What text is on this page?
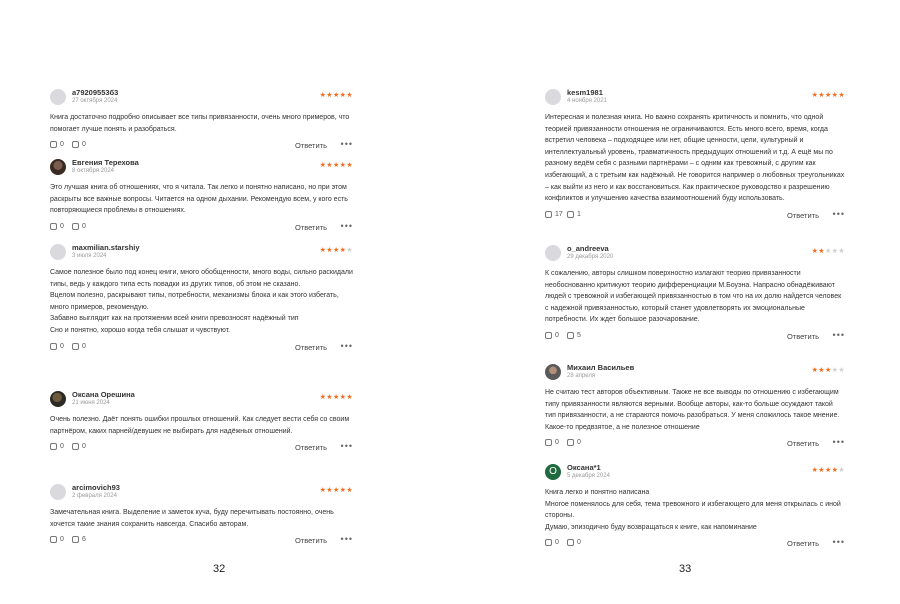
a79209553б3
27 октября 2024
★★★★★
Книга достаточно подробно описывает все типы привязанности, очень много примеров, что помогает лучше понять и разобраться.
0	0	Ответить •••
Евгения Терехова
8 октября 2024
★★★★★
Это лучшая книга об отношениях, что я читала. Так легко и понятно написано, но при этом раскрыты все важные вопросы. Читается на одном дыхании. Рекомендую всем, у кого есть повторяющиеся проблемы в отношениях.
0	0	Ответить •••
maxmilian.starshiy
3 июля 2024
★★★★★
Самое полезное было под конец книги, много обобщенности, много воды, сильно раскидали типы, ведь у каждого типа есть повадки из других типов, об этом не сказано.
Вцелом полезно, раскрывают типы, потребности, механизмы блока и как этого избегать, много примеров, рекомендую.
Забавно выглядит как на протяжении всей книги превозносят надёжный тип
Сно и понятно, хорошо когда тебя слышат и чувствуют.
0	0	Ответить •••
Оксана Орешина
21 июня 2024
★★★★★
Очень полезно. Даёт понять ошибки прошлых отношений. Как следует вести себя со своим партнёром, каких парней/девушек не выбирать для надёжных отношений.
0	0	Ответить •••
arcimovich93
2 февраля 2024
★★★★★
Замечательная книга. Выделение и заметок куча, буду перечитывать постоянно, очень хочется такие знания сохранить навсегда. Спасибо авторам.
0	6	Ответить •••
32
kesm1981
4 ноября 2021
★★★★★
Интересная и полезная книга. Но важно сохранять критичность и помнить, что одной теорией привязанности отношения не ограничиваются. Есть много всего, время, когда встретил человека – подходящее или нет, общие ценности, цели, культурный и интеллектуальный уровень, травматичность предыдущих отношений и т.д. А ещё мы по разному ведём себя с разными партнёрами – с одним как тревожный, с другим как избегающий, а с третьим как надёжный. Не говорится например о любовных треугольниках – как выйти из него и как восстановиться. Как практическое руководство к разрешению конфликтов и улучшению качества взаимоотношений буду использовать.
17 1	Ответить •••
o_andreeva
29 декабря 2020
★★★★★
К сожалению, авторы слишком поверхностно излагают теорию привязанности необоснованно критикуют теорию дифференциации М.Боуэна. Напрасно обнадёживают людей с тревожной и избегающей привязанностью в том что на их долю найдется человек с надежной привязанностью, который станет удовлетворять их эмоциональные потребности. Их ждет большое разочарование.
0	5	Ответить •••
Михаил Васильев
28 апреля
★★★★★
Не считаю тест авторов объективным. Также не все выводы по отношению с избегающим типу привязанности являются верными. Вообще авторы, как-то больше осуждают такой тип привязанности, а не стараются помочь разобраться. У меня сложилось такое мнение. Какое-то предвзятое, а не полезное отношение
0	0	Ответить •••
O	Оксана*1
5 декабря 2024
★★★★★
Книга легко и понятно написана
Многое поменялось для себя, тема тревожного и избегающего для меня открылась с иной стороны.
Думаю, эпизодично буду возвращаться к книге, как напоминание
0	0	Ответить •••
33
